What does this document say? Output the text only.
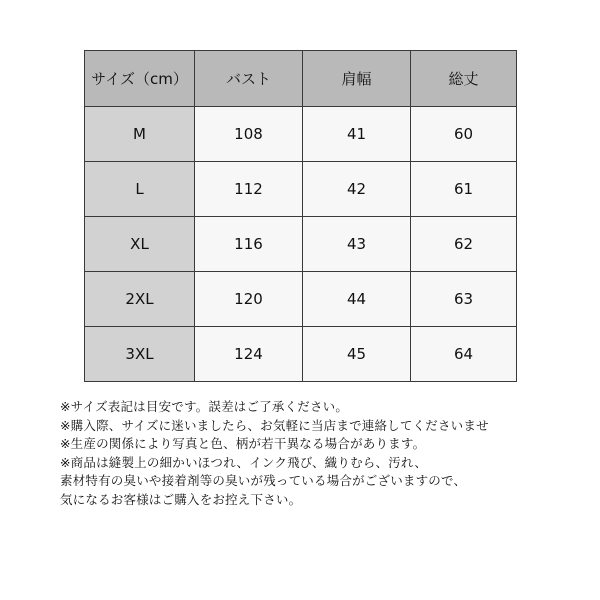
サイズ（cm）	バスト	肩幅	総丈
M	108	41	60
L	112	42	61
XL	116	43	62
2XL	120	44	63
3XL	124	45	64
※サイズ表記は目安です。誤差はご了承ください。
※購入際、サイズに迷いましたら、お気軽に当店まで連絡してくださいませ
※生産の関係により写真と色、柄が若干異なる場合があります。
※商品は縫製上の細かいほつれ、インク飛び、織りむら、汚れ、
素材特有の臭いや接着剤等の臭いが残っている場合がございますので、
気になるお客様はご購入をお控え下さい。
